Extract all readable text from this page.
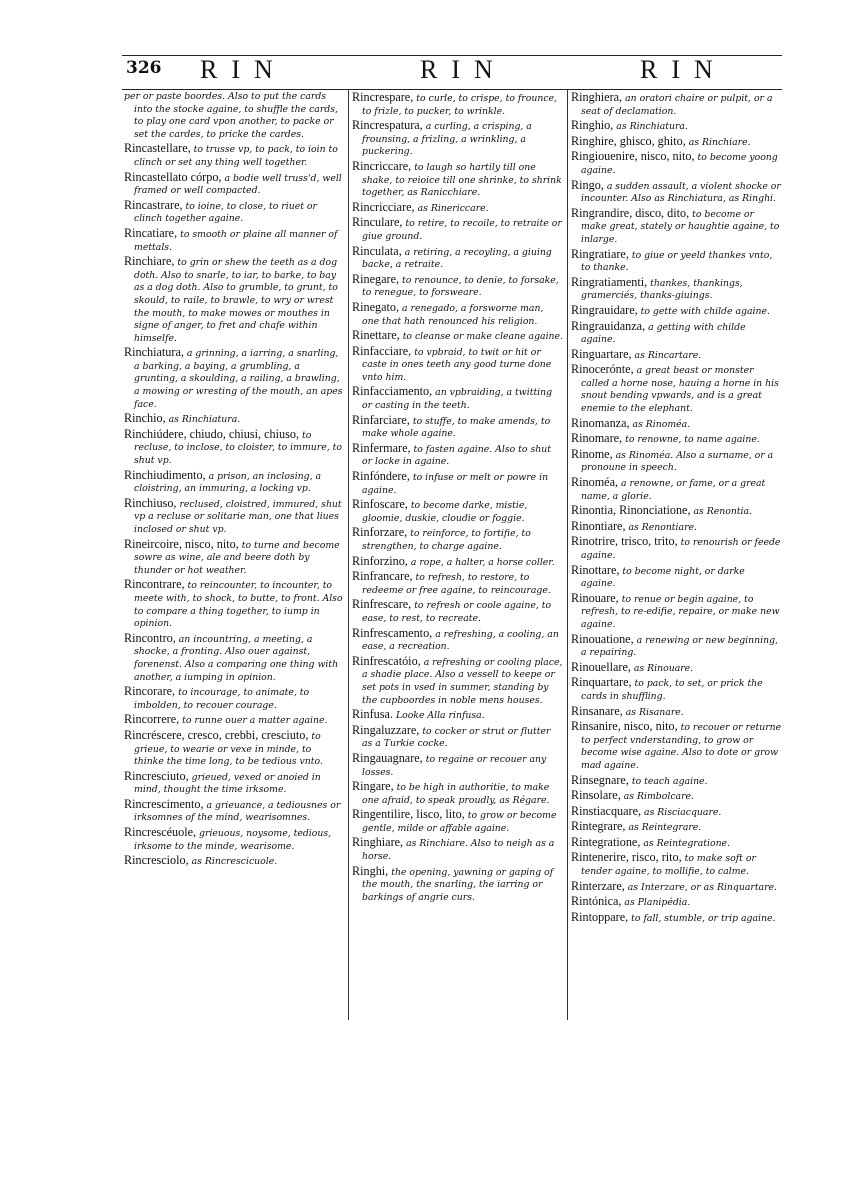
326 RIN	RIN	RIN

per or paste boordes. Also to put the cards into the stocke againe, to shuffle the cards, to play one card vpon another, to packe or set the cardes, to pricke the cardes.

Rincastellare, to trusse vp, to pack, to ioin to clinch or set any thing well together.

Rincastellato córpo, a bodie well truss'd, well framed or well compacted.

Rincastrare, to ioine, to close, to riuet or clinch together againe.

Rincatiare, to smooth or plaine all manner of mettals.

Rinchiare, to grin or shew the teeth as a dog doth. Also to snarle, to iar, to barke, to bay as a dog doth. Also to grumble, to grunt, to skould, to raile, to brawle, to wry or wrest the mouth, to make mowes or mouthes in signe of anger, to fret and chafe within himselfe.

Rinchiatura, a grinning, a iarring, a snarling, a barking, a baying, a grumbling, a grunting, a skoulding, a railing, a brawling, a mowing or wresting of the mouth, an apes face.

Rinchio, as Rinchiatura.

Rinchiúdere, chiudo, chiusi, chiuso, to recluse, to inclose, to cloister, to immure, to shut vp.

Rinchiudimento, a prison, an inclosing, a cloistring, an immuring, a locking vp.

Rinchiuso, reclused, cloistred, immured, shut vp a recluse or solitarie man, one that liues inclosed or shut vp.

Rineircoire, nisco, nito, to turne and become sowre as wine, ale and beere doth by thunder or hot weather.

Rincontrare, to reincounter, to incounter, to meete with, to shock, to butte, to front. Also to compare a thing together, to iump in opinion.

Rincontro, an incountring, a meeting, a shocke, a fronting. Also ouer against, forenenst. Also a comparing one thing with another, a iumping in opinion.

Rincorare, to incourage, to animate, to imbolden, to recouer courage.

Rincorrere, to runne ouer a matter againe.

Rincréscere, cresco, crebbi, cresciuto, to grieue, to wearie or vexe in minde, to thinke the time long, to be tedious vnto.

Rincresciuto, grieued, vexed or anoied in mind, thought the time irksome.

Rincrescimento, a grieuance, a tediousnes or irksomnes of the mind, wearisomnes.

Rincrescéuole, grieuous, noysome, tedious, irksome to the minde, wearisome.

Rincresciolo, as Rincrescicuole.

Rincrespare, to curle, to crispe, to frounce, to frizle, to pucker, to wrinkle.

Rincrespatura, a curling, a crisping, a frounsing, a frizling, a wrinkling, a puckering.

Rincriccare, to laugh so hartily till one shake, to reioice till one shrinke, to shrink together, as Ranicchiare.

Rincricciare, as Rinericcare.

Rinculare, to retire, to recoile, to retraite or giue ground.

Rinculata, a retiring, a recoyling, a giuing backe, a retraite.

Rinegare, to renounce, to denie, to forsake, to renegue, to forsweare.

Rinegato, a renegado, a forsworne man, one that hath renounced his religion.

Rinettare, to cleanse or make cleane againe.

Rinfacciare, to vpbraid, to twit or hit or caste in ones teeth any good turne done vnto him.

Rinfacciamento, an vpbraiding, a twitting or casting in the teeth.

Rinfarciare, to stuffe, to make amends, to make whole againe.

Rinfermare, to fasten againe. Also to shut or locke in againe.

Rinfóndere, to infuse or melt or powre in againe.

Rinfoscare, to become darke, mistie, gloomie, duskie, cloudie or foggie.

Rinforzare, to reinforce, to fortifie, to strengthen, to charge againe.

Rinforzino, a rope, a halter, a horse coller.

Rinfrancare, to refresh, to restore, to redeeme or free againe, to reincourage.

Rinfrescare, to refresh or coole againe, to ease, to rest, to recreate.

Rinfrescamento, a refreshing, a cooling, an ease, a recreation.

Rinfrescatóio, a refreshing or cooling place, a shadie place. Also a vessell to keepe or set pots in vsed in summer, standing by the cupboordes in noble mens houses.

Rinfusa. Looke Alla rinfusa.

Ringaluzzare, to cocker or strut or flutter as a Turkie cocke.

Ringauagnare, to regaine or recouer any losses.

Ringare, to be high in authoritie, to make one afraid, to speak proudly, as Régare.

Ringentilire, lisco, lito, to grow or become gentle, milde or affable againe.

Ringhiare, as Rinchiare. Also to neigh as a horse.

Ringhi, the opening, yawning or gaping of the mouth, the snarling, the iarring or barkings of angrie curs.

Ringhiera, an oratori chaire or pulpit, or a seat of declamation.

Ringhio, as Rinchiatura.

Ringhire, ghisco, ghito, as Rinchiare.

Ringiouenire, nisco, nito, to become yoong againe.

Ringo, a sudden assault, a violent shocke or incounter. Also as Rinchiatura, as Ringhi.

Ringrandire, disco, dito, to become or make great, stately or haughtie againe, to inlarge.

Ringratiare, to giue or yeeld thankes vnto, to thanke.

Ringratiamenti, thankes, thankings, gramerciés, thanks-giuings.

Ringrauidare, to gette with childe againe.

Ringrauidanza, a getting with childe againe.

Ringuartare, as Rincartare.

Rinocerónte, a great beast or monster called a horne nose, hauing a horne in his snout bending vpwards, and is a great enemie to the elephant.

Rinomanza, as Rinoméa.

Rinomare, to renowne, to name againe.

Rinome, as Rinoméa. Also a surname, or a pronoune in speech.

Rinoméa, a renowne, or fame, or a great name, a glorie.

Rinontia, Rinonciatione, as Renontia.

Rinontiare, as Renontiare.

Rinotrire, trisco, trito, to renourish or feede againe.

Rinottare, to become night, or darke againe.

Rinouare, to renue or begin againe, to refresh, to re-edifie, repaire, or make new againe.

Rinouatione, a renewing or new beginning, a repairing.

Rinouellare, as Rinouare.

Rinquartare, to pack, to set, or prick the cards in shuffling.

Rinsanare, as Risanare.

Rinsanire, nisco, nito, to recouer or returne to perfect vnderstanding, to grow or become wise againe. Also to dote or grow mad againe.

Rinsegnare, to teach againe.

Rinsolare, as Rimbolcare.

Rinstiacquare, as Risciacquare.

Rintegrare, as Reintegrare.

Rintegratione, as Reintegratione.

Rintenerire, risco, rito, to make soft or tender againe, to mollifie, to calme.

Rinterzare, as Interzare, or as Rinquartare.

Rintónica, as Planipédia.

Rintoppare, to fall, stumble, or trip againe.
